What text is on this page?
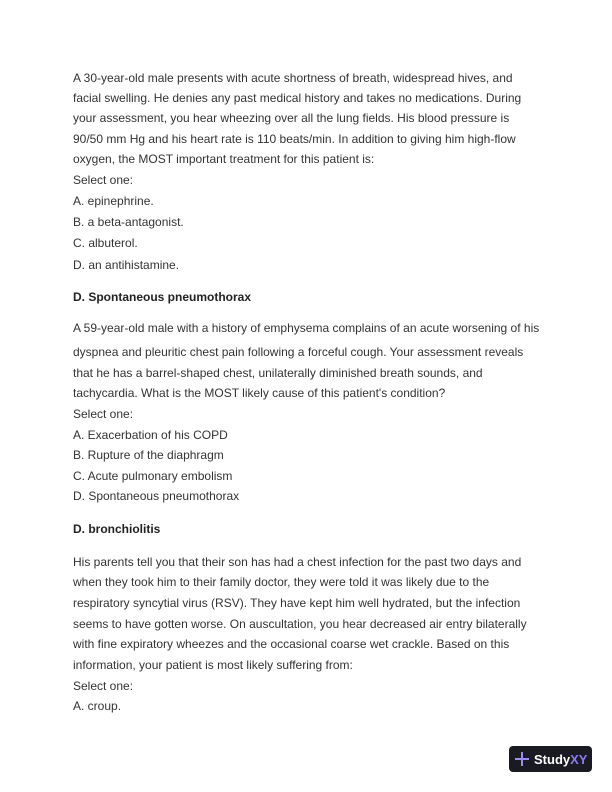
A 30-year-old male presents with acute shortness of breath, widespread hives, and
facial swelling. He denies any past medical history and takes no medications. During
your assessment, you hear wheezing over all the lung fields. His blood pressure is
90/50 mm Hg and his heart rate is 110 beats/min. In addition to giving him high-flow
oxygen, the MOST important treatment for this patient is:
Select one:
A. epinephrine.
B. a beta-antagonist.
C. albuterol.
D. an antihistamine.
D. Spontaneous pneumothorax
A 59-year-old male with a history of emphysema complains of an acute worsening of his
dyspnea and pleuritic chest pain following a forceful cough. Your assessment reveals
that he has a barrel-shaped chest, unilaterally diminished breath sounds, and
tachycardia. What is the MOST likely cause of this patient's condition?
Select one:
A. Exacerbation of his COPD
B. Rupture of the diaphragm
C. Acute pulmonary embolism
D. Spontaneous pneumothorax
D. bronchiolitis
His parents tell you that their son has had a chest infection for the past two days and
when they took him to their family doctor, they were told it was likely due to the
respiratory syncytial virus (RSV). They have kept him well hydrated, but the infection
seems to have gotten worse. On auscultation, you hear decreased air entry bilaterally
with fine expiratory wheezes and the occasional coarse wet crackle. Based on this
information, your patient is most likely suffering from:
Select one:
A. croup.
StudyXY
